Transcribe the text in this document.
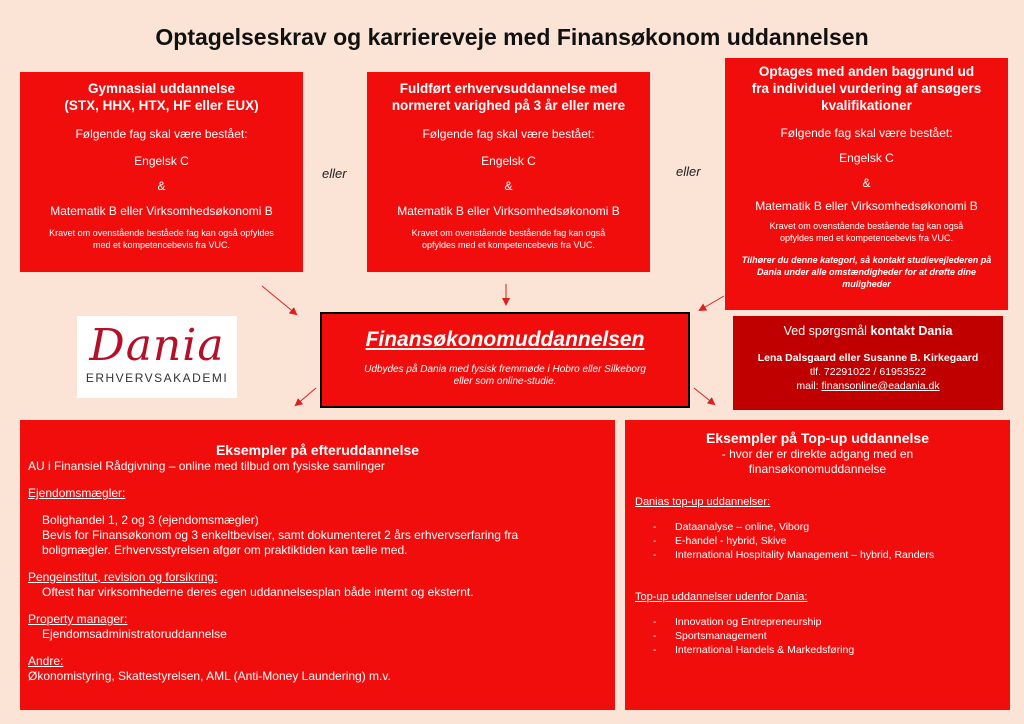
Optagelseskrav og karriereveje med Finansøkonom uddannelsen
Gymnasial uddannelse
(STX, HHX, HTX, HF eller EUX)
Følgende fag skal være bestået:
Engelsk C
&
Matematik B eller Virksomhedsøkonomi B
Kravet om ovenstående beståede fag kan også opfyldes med et kompetencebevis fra VUC.
eller
Fuldført erhvervsuddannelse med
normeret varighed på 3 år eller mere
Følgende fag skal være bestået:
Engelsk C
&
Matematik B eller Virksomhedsøkonomi B
Kravet om ovenstående bestående fag kan også opfyldes med et kompetencebevis fra VUC.
eller
Optages med anden baggrund ud
fra individuel vurdering af ansøgers
kvalifikationer
Følgende fag skal være bestået:
Engelsk C
&
Matematik B eller Virksomhedsøkonomi B
Kravet om ovenstående bestående fag kan også opfyldes med et kompetencebevis fra VUC.
Tilhører du denne kategori, så kontakt studievejlederen på Dania under alle omstændigheder for at drøfte dine muligheder
Dania
ERHVERVSAKADEMI
Finansøkonomuddannelsen
Udbydes på Dania med fysisk fremmøde i Hobro eller Silkeborg
eller som online-studie.
Ved spørgsmål kontakt Dania
Lena Dalsgaard eller Susanne B. Kirkegaard
tlf. 72291022 / 61953522
mail: finansonline@eadania.dk
Eksempler på efteruddannelse
AU i Finansiel Rådgivning – online med tilbud om fysiske samlinger
Ejendomsmægler:
Bolighandel 1, 2 og 3 (ejendomsmægler)
Bevis for Finansøkonom og 3 enkeltbeviser, samt dokumenteret 2 års erhvervserfaring fra boligmægler. Erhvervsstyrelsen afgør om praktiktiden kan tælle med.
Pengeinstitut, revision og forsikring:
Oftest har virksomhederne deres egen uddannelsesplan både internt og eksternt.
Property manager:
Ejendomsadministratoruddannelse
Andre:
Økonomistyring, Skattestyrelsen, AML (Anti-Money Laundering) m.v.
Eksempler på Top-up uddannelse
- hvor der er direkte adgang med en
finansøkonomuddannelse
Danias top-up uddannelser:
-	Dataanalyse – online, Viborg
-	E-handel - hybrid, Skive
-	International Hospitality Management – hybrid, Randers
Top-up uddannelser udenfor Dania:
-	Innovation og Entrepreneurship
-	Sportsmanagement
-	International Handels & Markedsføring
